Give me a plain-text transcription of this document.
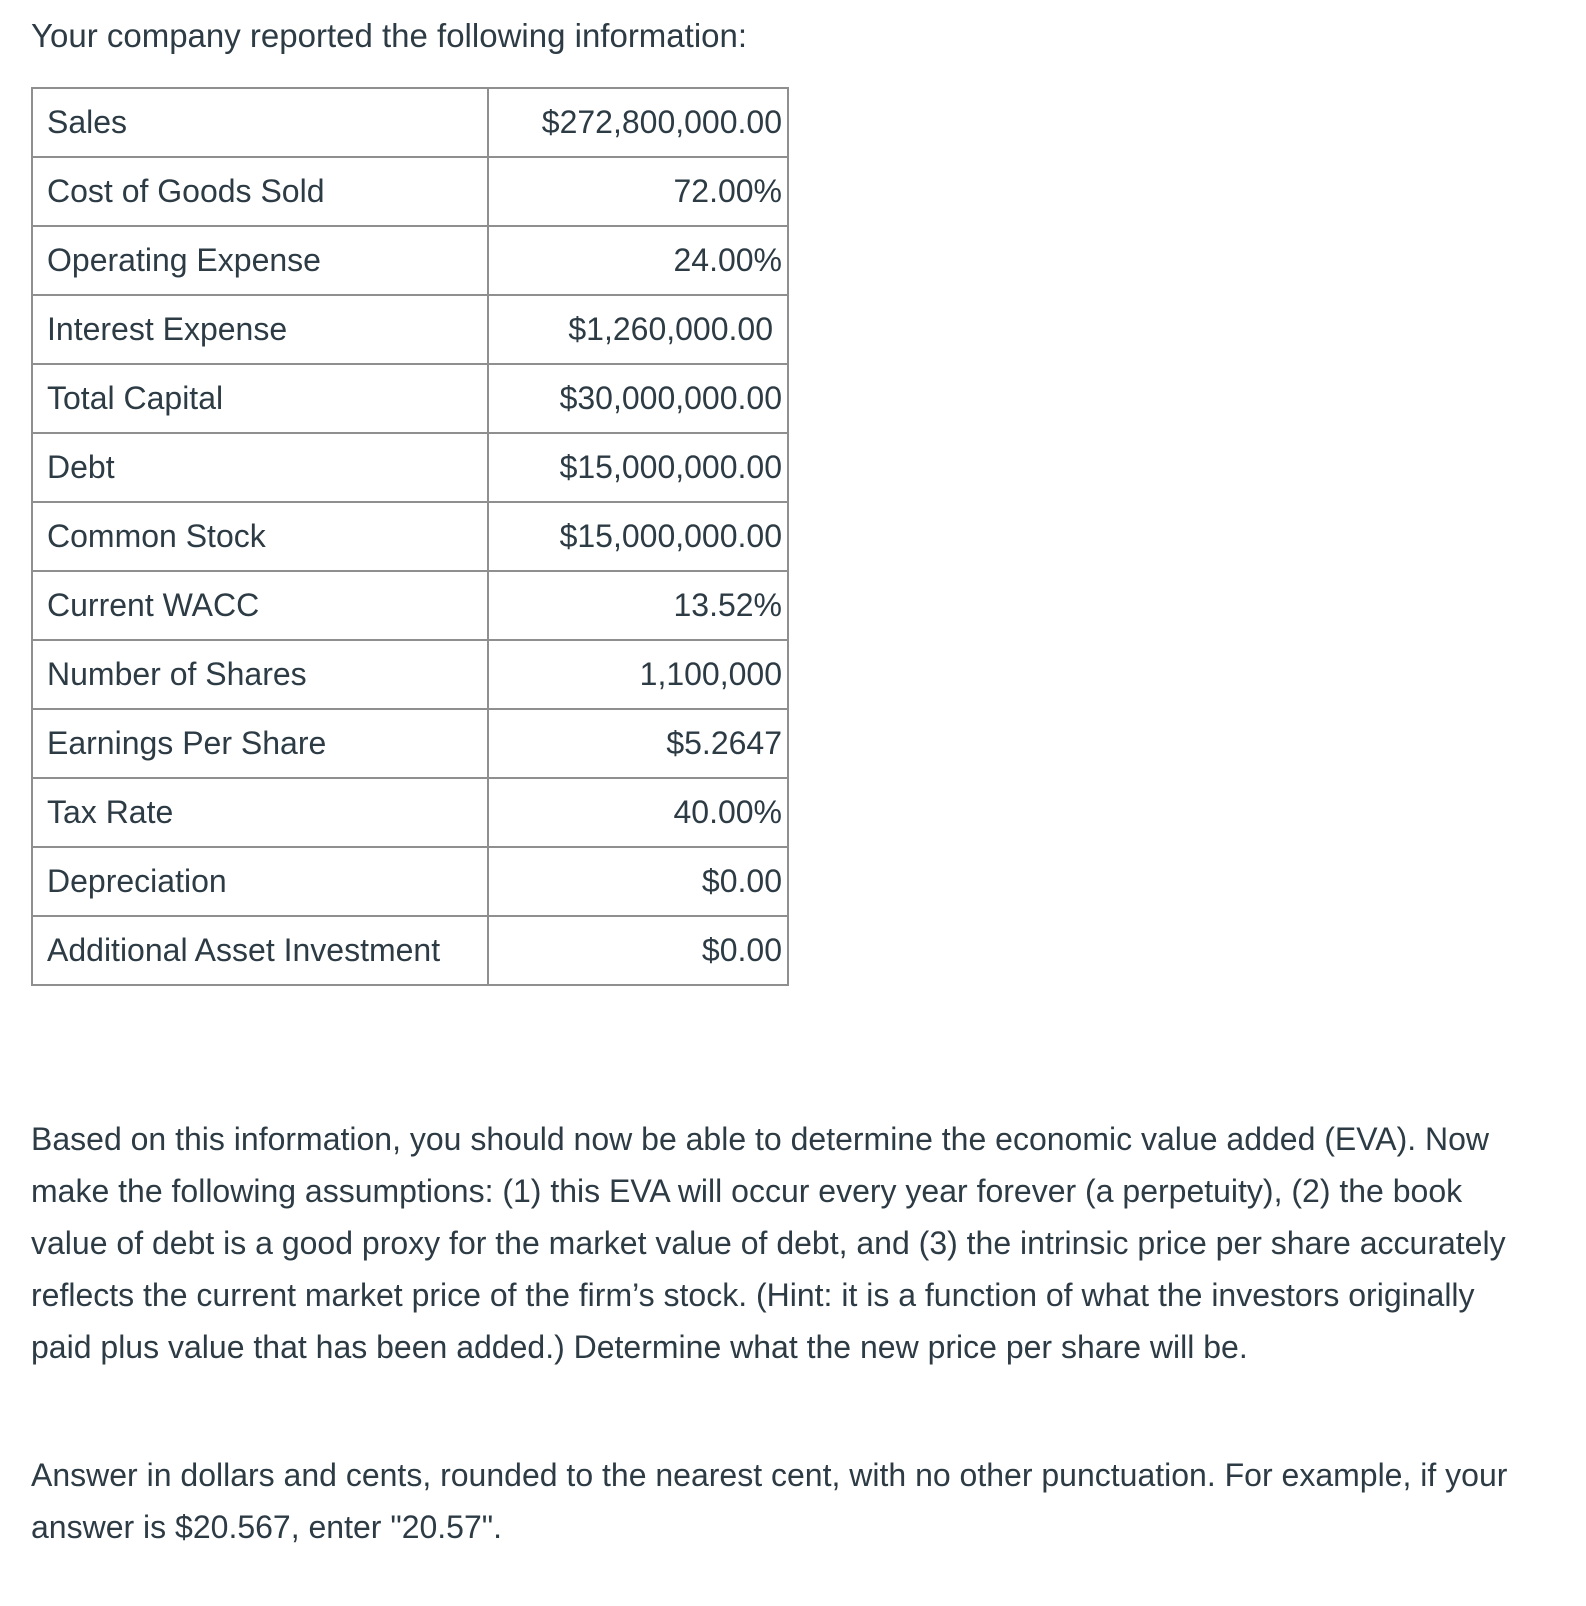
Your company reported the following information:

Sales	$272,800,000.00
Cost of Goods Sold	72.00%
Operating Expense	24.00%
Interest Expense	$1,260,000.00
Total Capital	$30,000,000.00
Debt	$15,000,000.00
Common Stock	$15,000,000.00
Current WACC	13.52%
Number of Shares	1,100,000
Earnings Per Share	$5.2647
Tax Rate	40.00%
Depreciation	$0.00
Additional Asset Investment	$0.00

Based on this information, you should now be able to determine the economic value added (EVA). Now make the following assumptions: (1) this EVA will occur every year forever (a perpetuity), (2) the book value of debt is a good proxy for the market value of debt, and (3) the intrinsic price per share accurately reflects the current market price of the firm’s stock. (Hint: it is a function of what the investors originally paid plus value that has been added.) Determine what the new price per share will be.

Answer in dollars and cents, rounded to the nearest cent, with no other punctuation. For example, if your answer is $20.567, enter "20.57".
